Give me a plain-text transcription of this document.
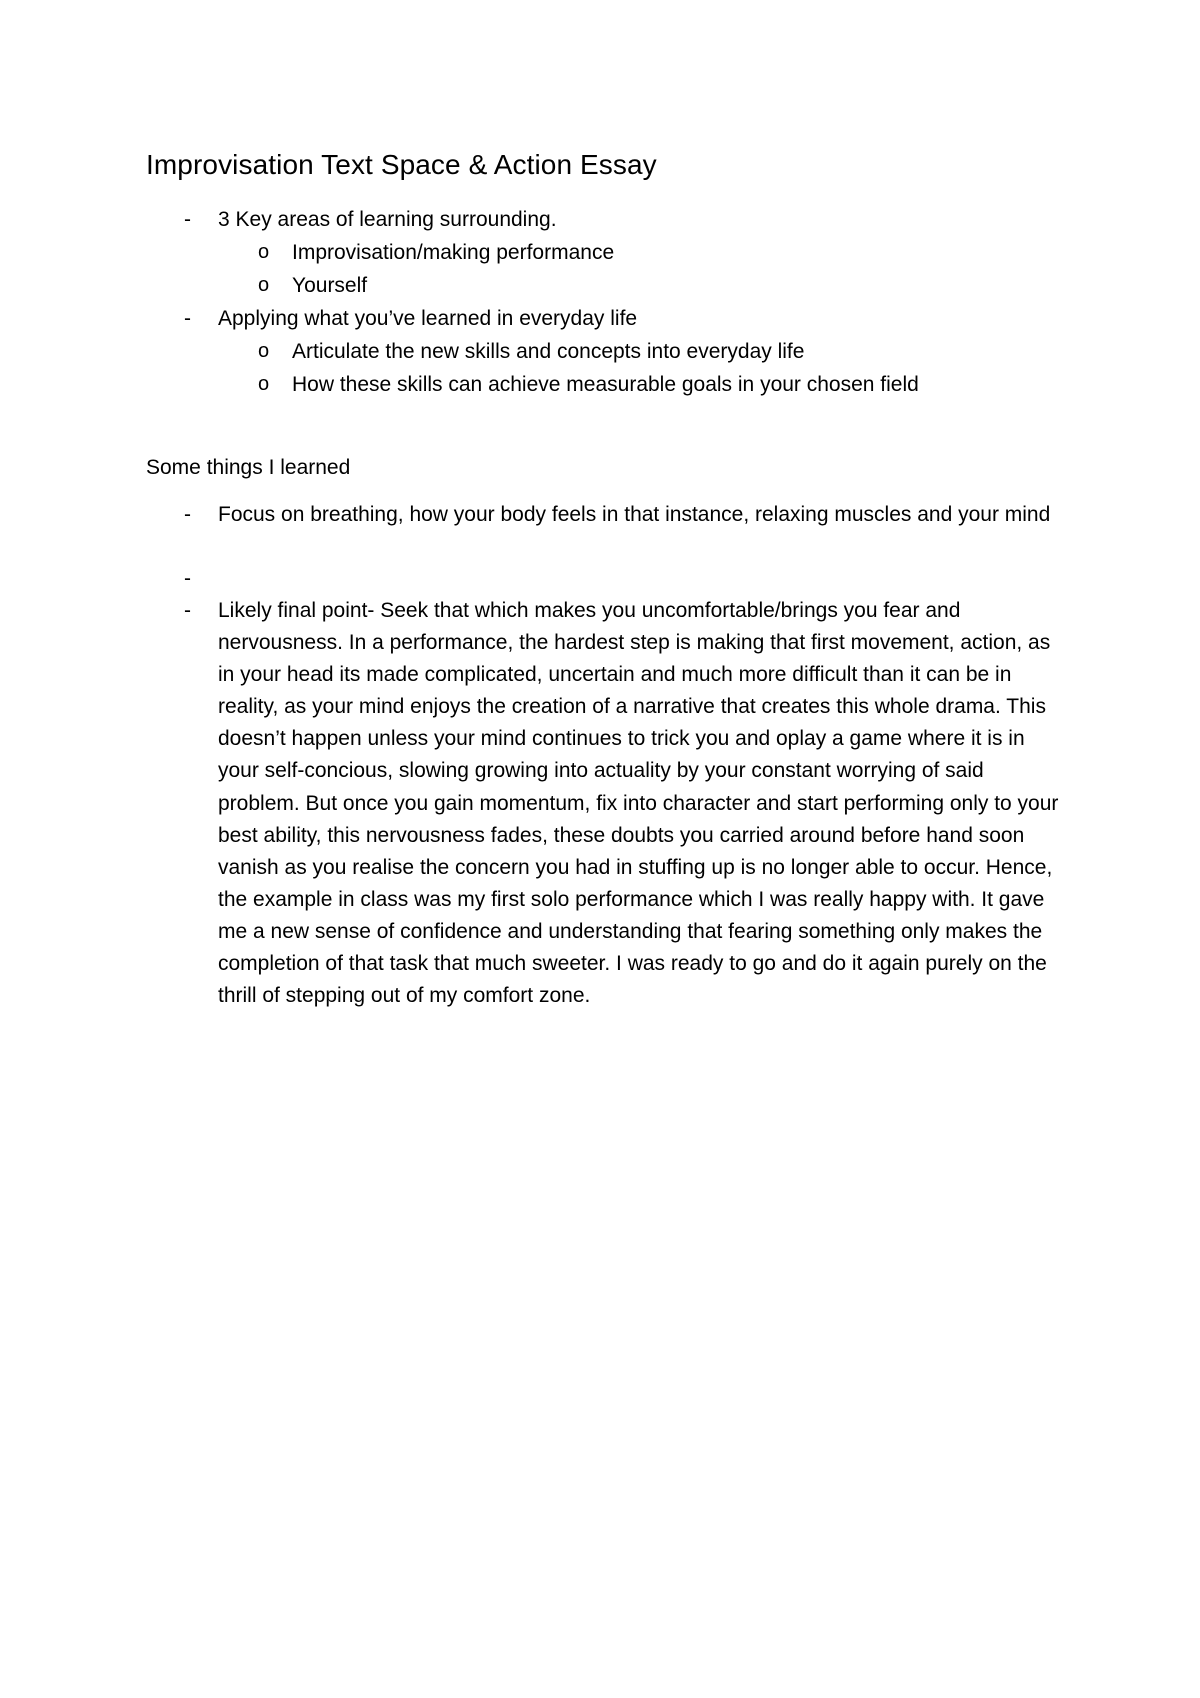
Improvisation Text Space & Action Essay
- 3 Key areas of learning surrounding.
o Improvisation/making performance
o Yourself
- Applying what you’ve learned in everyday life
o Articulate the new skills and concepts into everyday life
o How these skills can achieve measurable goals in your chosen field
Some things I learned
- Focus on breathing, how your body feels in that instance, relaxing muscles and your mind
-
- Likely final point- Seek that which makes you uncomfortable/brings you fear and nervousness. In a performance, the hardest step is making that first movement, action, as in your head its made complicated, uncertain and much more difficult than it can be in reality, as your mind enjoys the creation of a narrative that creates this whole drama. This doesn’t happen unless your mind continues to trick you and oplay a game where it is in your self-concious, slowing growing into actuality by your constant worrying of said problem. But once you gain momentum, fix into character and start performing only to your best ability, this nervousness fades, these doubts you carried around before hand soon vanish as you realise the concern you had in stuffing up is no longer able to occur. Hence, the example in class was my first solo performance which I was really happy with. It gave me a new sense of confidence and understanding that fearing something only makes the completion of that task that much sweeter. I was ready to go and do it again purely on the thrill of stepping out of my comfort zone.
